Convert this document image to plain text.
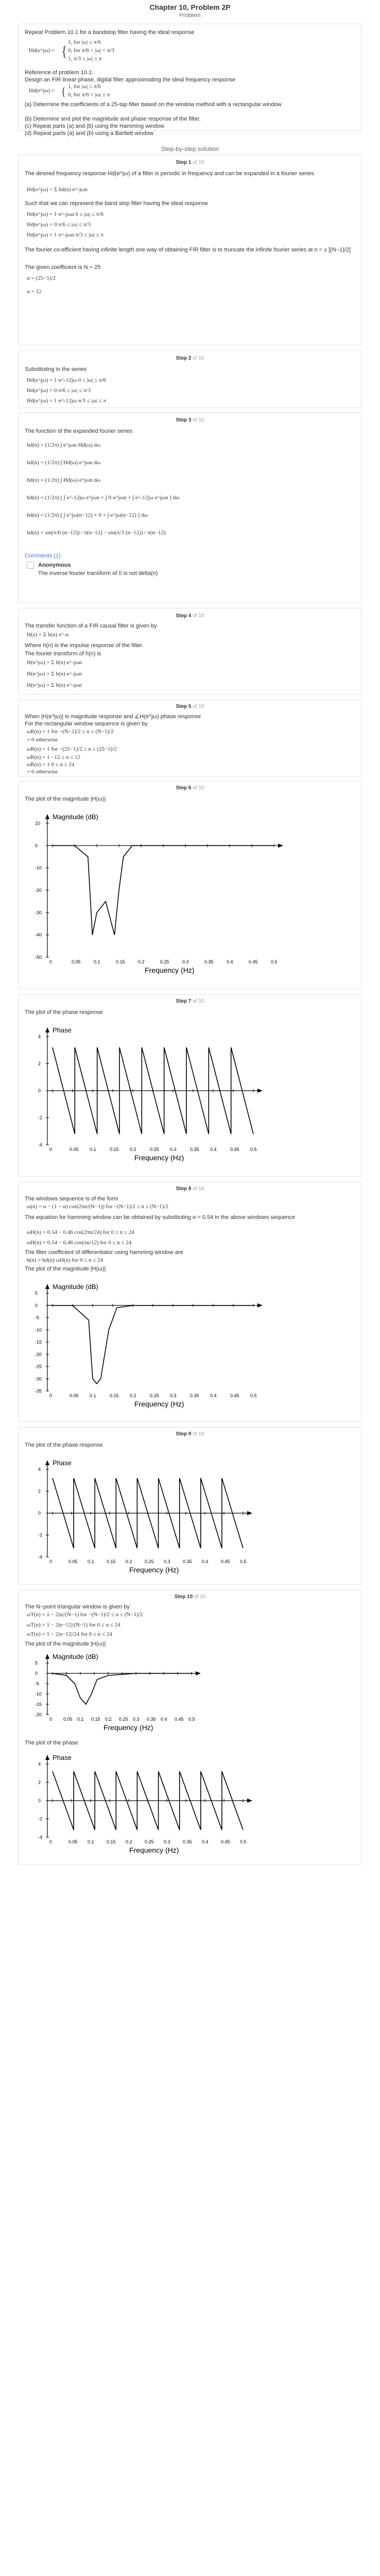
Chapter 10, Problem 2P
Problem
Repeat Problem 10.1 for a bandstop filter having the ideal response
Hd(e^jω) = {
1, for |ω| ≤ π/6
0, for π/6 < |ω| < π/3
1, π/3 ≤ |ω| ≤ π
Reference of problem 10.1:
Design an FIR linear-phase, digital filter approximating the ideal frequency response
Hd(e^jω) = { 1, for |ω| ≤ π/6
0, for π/6 < |ω| ≤ π
(a) Determine the coefficients of a 25-tap filter based on the window method with a rectangular window
(b) Determine and plot the magnitude and phase response of the filter.
(c) Repeat parts (a) and (b) using the Hamming window
(d) Repeat parts (a) and (b) using a Bartlett window
Step-by-step solution
Step 1 of 10
The desired frequency response Hd(e^jω) of a filter is periodic in frequency and can be expanded in a fourier series.
Hd(e^jω) = Σ hd(n) e^-jωn
Such that we can represent the band stop filter having the ideal response
Hd(e^jω) = 1·e^-jωα 0 ≤ |ω| ≤ π/6
Hd(e^jω) = 0 π/6 ≤ |ω| ≤ π/3
Hd(e^jω) = 1·e^-jωα π/3 ≤ |ω| ≤ π
The fourier co-efficient having infinite length one way of obtaining FIR filter is to truncate the infinite fourier series at n = ± [(N−1)/2]
The given coefficient is N = 25
α = (25−1)/2
α = 12
Step 2 of 10
Substituting in the series
Hd(e^jω) = 1·e^-12jω 0 ≤ |ω| ≤ π/6
Hd(e^jω) = 0 π/6 ≤ |ω| ≤ π/3
Hd(e^jω) = 1·e^-12jω π/3 ≤ |ω| ≤ π
Step 3 of 10
The function of the expanded fourier series
hd(n) = (1/2π) ∫ e^jωn Hd(ω) dω
hd(n) = (1/2π) ∫ Hd(ω) e^jωn dω
hd(n) = (1/2π) ∫ Hd(ω) e^jωn dω
hd(n) = (1/2π) [ ∫ e^-12jω e^jωn + ∫ 0·e^jωn + ∫ e^-12jω e^jωn ] dω
hd(n) = (1/2π) [ ∫ e^jω(n−12) + 0 + ∫ e^jω(n−12) ] dω
hd(n) = sin(π/6 (n−12)) / π(n−12) − sin(π/3 (n−12)) / π(n−12)
Comments (1)
Anonymous
The inverse fourier transform of 0 is not delta(n)
Step 4 of 10
The transfer function of a FIR causal filter is given by
H(z) = Σ h(n) z^-n
Where h(n) is the impulse response of the filter.
The fourier transform of h(n) is
H(e^jω) = Σ h(n) e^-jωn
H(e^jω) = Σ h(n) e^-jωn
H(e^jω) = Σ h(n) e^-jωn
Step 5 of 10
When |H(e^jω)| is magnitude response and ∠H(e^jω) phase response
For the rectangular window sequence is given by
ωR(n) = 1 for −(N−1)/2 ≤ n ≤ (N−1)/2
= 0 otherwise
ωR(n) = 1 for −(25−1)/2 ≤ n ≤ (25−1)/2
ωR(n) = 1 −12 ≤ n ≤ 12
ωR(n) = 1 0 ≤ n ≤ 24
= 0 otherwise
Step 6 of 10
The plot of the magnitude |H(ω)|
Magnitude (dB)
Frequency (Hz)
0	0.05	0.1	0.15	0.2	0.25	0.3	0.35	0.4	0.45	0.5
10
0
-10
-20
-30
-40
-50
Step 7 of 10
The plot of the phase response
Phase
Frequency (Hz)
0	0.05 0.1	0.15 0.2	0.25 0.3	0.35 0.4	0.45 0.5
4
2
0
-2
-4
Step 8 of 10
The windows sequence is of the form
ω(n) = α − (1 − α) cos(2πn/(N−1)) for −(N−1)/2 ≤ n ≤ (N−1)/2
The equation for hamming window can be obtained by substituting α = 0.54 in the above windows sequence
ωH(n) = 0.54 − 0.46 cos(2πn/24) for 0 ≤ n ≤ 24
ωH(n) = 0.54 − 0.46 cos(πn/12) for 0 ≤ n ≤ 24
The filter coefficient of differentiator using hamming window are
h(n) = hd(n) ωH(n) for 0 ≤ n ≤ 24
The plot of the magnitude |H(ω)|
Magnitude (dB)
Frequency (Hz)
0	0.05 0.1	0.15 0.2	0.25 0.3	0.35 0.4	0.45 0.5
5
0
-5
-10
-15
-20
-25
-30
-35
Step 9 of 10
The plot of the phase response
Phase
Frequency (Hz)
0	0.05 0.1	0.15 0.2	0.25 0.3	0.35 0.4	0.45 0.5
4
2
0
-2
-4
Step 10 of 10
The N−point triangular window is given by
ωT(n) = 1 − 2|n|/(N−1) for −(N−1)/2 ≤ n ≤ (N−1)/2
ωT(n) = 1 − 2|n−12|/(N−1) for 0 ≤ n ≤ 24
ωT(n) = 1 − 2|n−12|/24 for 0 ≤ n ≤ 24
The plot of the magnitude |H(ω)|
Magnitude (dB)
Frequency (Hz)
0 0.05 0.1 0.15 0.2 0.25 0.3 0.35 0.4 0.45 0.5
5
0
-5
-10
-15
-20
The plot of the phase
Phase
Frequency (Hz)
0	0.05 0.1	0.15 0.2	0.25 0.3	0.35 0.4	0.45 0.5
4
2
0
-2
-4
